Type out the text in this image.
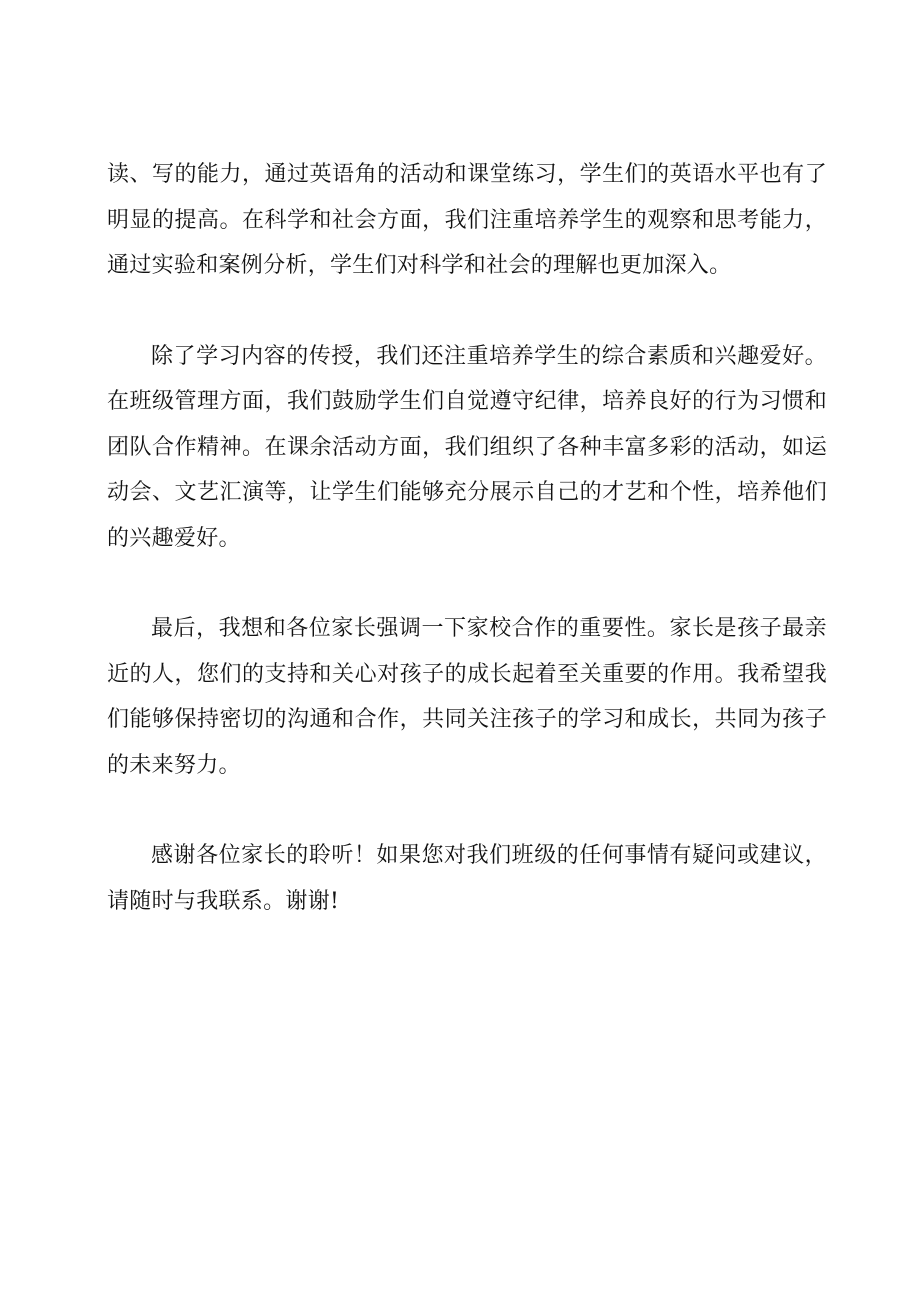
读、写的能力，通过英语角的活动和课堂练习，学生们的英语水平也有了明显的提高。在科学和社会方面，我们注重培养学生的观察和思考能力，通过实验和案例分析，学生们对科学和社会的理解也更加深入。

除了学习内容的传授，我们还注重培养学生的综合素质和兴趣爱好。在班级管理方面，我们鼓励学生们自觉遵守纪律，培养良好的行为习惯和团队合作精神。在课余活动方面，我们组织了各种丰富多彩的活动，如运动会、文艺汇演等，让学生们能够充分展示自己的才艺和个性，培养他们的兴趣爱好。

最后，我想和各位家长强调一下家校合作的重要性。家长是孩子最亲近的人，您们的支持和关心对孩子的成长起着至关重要的作用。我希望我们能够保持密切的沟通和合作，共同关注孩子的学习和成长，共同为孩子的未来努力。

感谢各位家长的聆听！如果您对我们班级的任何事情有疑问或建议，请随时与我联系。谢谢!
